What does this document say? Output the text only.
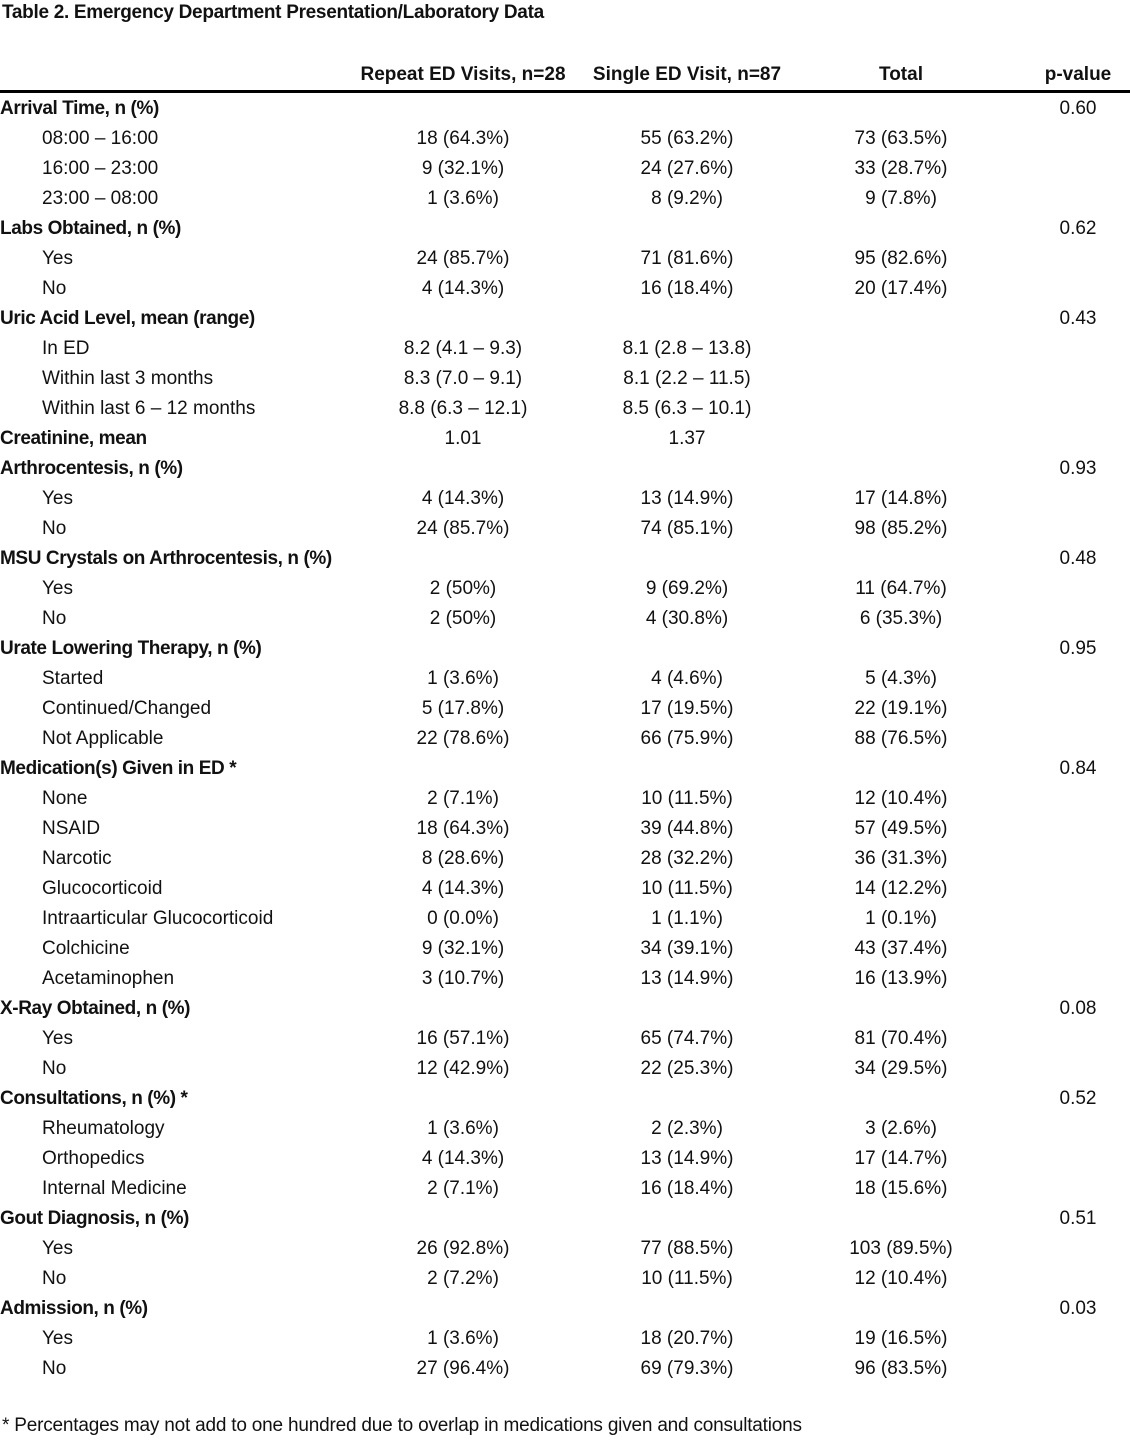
Table 2. Emergency Department Presentation/Laboratory Data
Repeat ED Visits, n=28	Single ED Visit, n=87	Total	p-value
Arrival Time, n (%)	0.60
08:00 – 16:00	18 (64.3%)	55 (63.2%)	73 (63.5%)
16:00 – 23:00	9 (32.1%)	24 (27.6%)	33 (28.7%)
23:00 – 08:00	1 (3.6%)	8 (9.2%)	9 (7.8%)
Labs Obtained, n (%)	0.62
Yes	24 (85.7%)	71 (81.6%)	95 (82.6%)
No	4 (14.3%)	16 (18.4%)	20 (17.4%)
Uric Acid Level, mean (range)	0.43
In ED	8.2 (4.1 – 9.3)	8.1 (2.8 – 13.8)
Within last 3 months	8.3 (7.0 – 9.1)	8.1 (2.2 – 11.5)
Within last 6 – 12 months	8.8 (6.3 – 12.1)	8.5 (6.3 – 10.1)
Creatinine, mean	1.01	1.37
Arthrocentesis, n (%)	0.93
Yes	4 (14.3%)	13 (14.9%)	17 (14.8%)
No	24 (85.7%)	74 (85.1%)	98 (85.2%)
MSU Crystals on Arthrocentesis, n (%)	0.48
Yes	2 (50%)	9 (69.2%)	11 (64.7%)
No	2 (50%)	4 (30.8%)	6 (35.3%)
Urate Lowering Therapy, n (%)	0.95
Started	1 (3.6%)	4 (4.6%)	5 (4.3%)
Continued/Changed	5 (17.8%)	17 (19.5%)	22 (19.1%)
Not Applicable	22 (78.6%)	66 (75.9%)	88 (76.5%)
Medication(s) Given in ED *	0.84
None	2 (7.1%)	10 (11.5%)	12 (10.4%)
NSAID	18 (64.3%)	39 (44.8%)	57 (49.5%)
Narcotic	8 (28.6%)	28 (32.2%)	36 (31.3%)
Glucocorticoid	4 (14.3%)	10 (11.5%)	14 (12.2%)
Intraarticular Glucocorticoid	0 (0.0%)	1 (1.1%)	1 (0.1%)
Colchicine	9 (32.1%)	34 (39.1%)	43 (37.4%)
Acetaminophen	3 (10.7%)	13 (14.9%)	16 (13.9%)
X-Ray Obtained, n (%)	0.08
Yes	16 (57.1%)	65 (74.7%)	81 (70.4%)
No	12 (42.9%)	22 (25.3%)	34 (29.5%)
Consultations, n (%) *	0.52
Rheumatology	1 (3.6%)	2 (2.3%)	3 (2.6%)
Orthopedics	4 (14.3%)	13 (14.9%)	17 (14.7%)
Internal Medicine	2 (7.1%)	16 (18.4%)	18 (15.6%)
Gout Diagnosis, n (%)	0.51
Yes	26 (92.8%)	77 (88.5%)	103 (89.5%)
No	2 (7.2%)	10 (11.5%)	12 (10.4%)
Admission, n (%)	0.03
Yes	1 (3.6%)	18 (20.7%)	19 (16.5%)
No	27 (96.4%)	69 (79.3%)	96 (83.5%)
* Percentages may not add to one hundred due to overlap in medications given and consultations
